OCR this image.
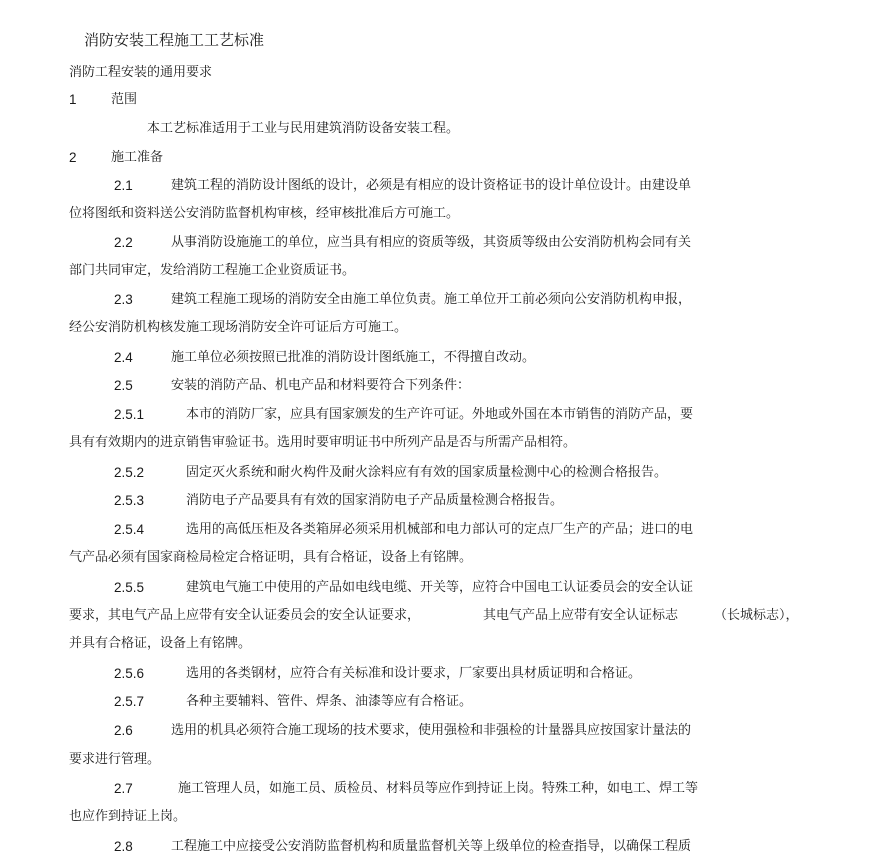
消防安装工程施工工艺标准
消防工程安装的通用要求
1	范围
本工艺标准适用于工业与民用建筑消防设备安装工程。
2	施工准备
2.1	建筑工程的消防设计图纸的设计，必须是有相应的设计资格证书的设计单位设计。由建设单
位将图纸和资料送公安消防监督机构审核，经审核批准后方可施工。
2.2	从事消防设施施工的单位，应当具有相应的资质等级，其资质等级由公安消防机构会同有关
部门共同审定，发给消防工程施工企业资质证书。
2.3	建筑工程施工现场的消防安全由施工单位负责。施工单位开工前必须向公安消防机构申报，
经公安消防机构核发施工现场消防安全许可证后方可施工。
2.4	施工单位必须按照已批准的消防设计图纸施工，不得擅自改动。
2.5	安装的消防产品、机电产品和材料要符合下列条件：
2.5.1	本市的消防厂家，应具有国家颁发的生产许可证。外地或外国在本市销售的消防产品，要
具有有效期内的进京销售审验证书。选用时要审明证书中所列产品是否与所需产品相符。
2.5.2	固定灭火系统和耐火构件及耐火涂料应有有效的国家质量检测中心的检测合格报告。
2.5.3	消防电子产品要具有有效的国家消防电子产品质量检测合格报告。
2.5.4	选用的高低压柜及各类箱屏必须采用机械部和电力部认可的定点厂生产的产品；进口的电
气产品必须有国家商检局检定合格证明，具有合格证，设备上有铭牌。
2.5.5	建筑电气施工中使用的产品如电线电缆、开关等，应符合中国电工认证委员会的安全认证
要求，其电气产品上应带有安全认证委员会的安全认证要求，	其电气产品上应带有安全认证标志	（长城标志），
并具有合格证，设备上有铭牌。
2.5.6	选用的各类钢材，应符合有关标准和设计要求，厂家要出具材质证明和合格证。
2.5.7	各种主要辅料、管件、焊条、油漆等应有合格证。
2.6	选用的机具必须符合施工现场的技术要求，使用强检和非强检的计量器具应按国家计量法的
要求进行管理。
2.7	施工管理人员，如施工员、质检员、材料员等应作到持证上岗。特殊工种，如电工、焊工等
也应作到持证上岗。
2.8	工程施工中应接受公安消防监督机构和质量监督机关等上级单位的检查指导，以确保工程质
